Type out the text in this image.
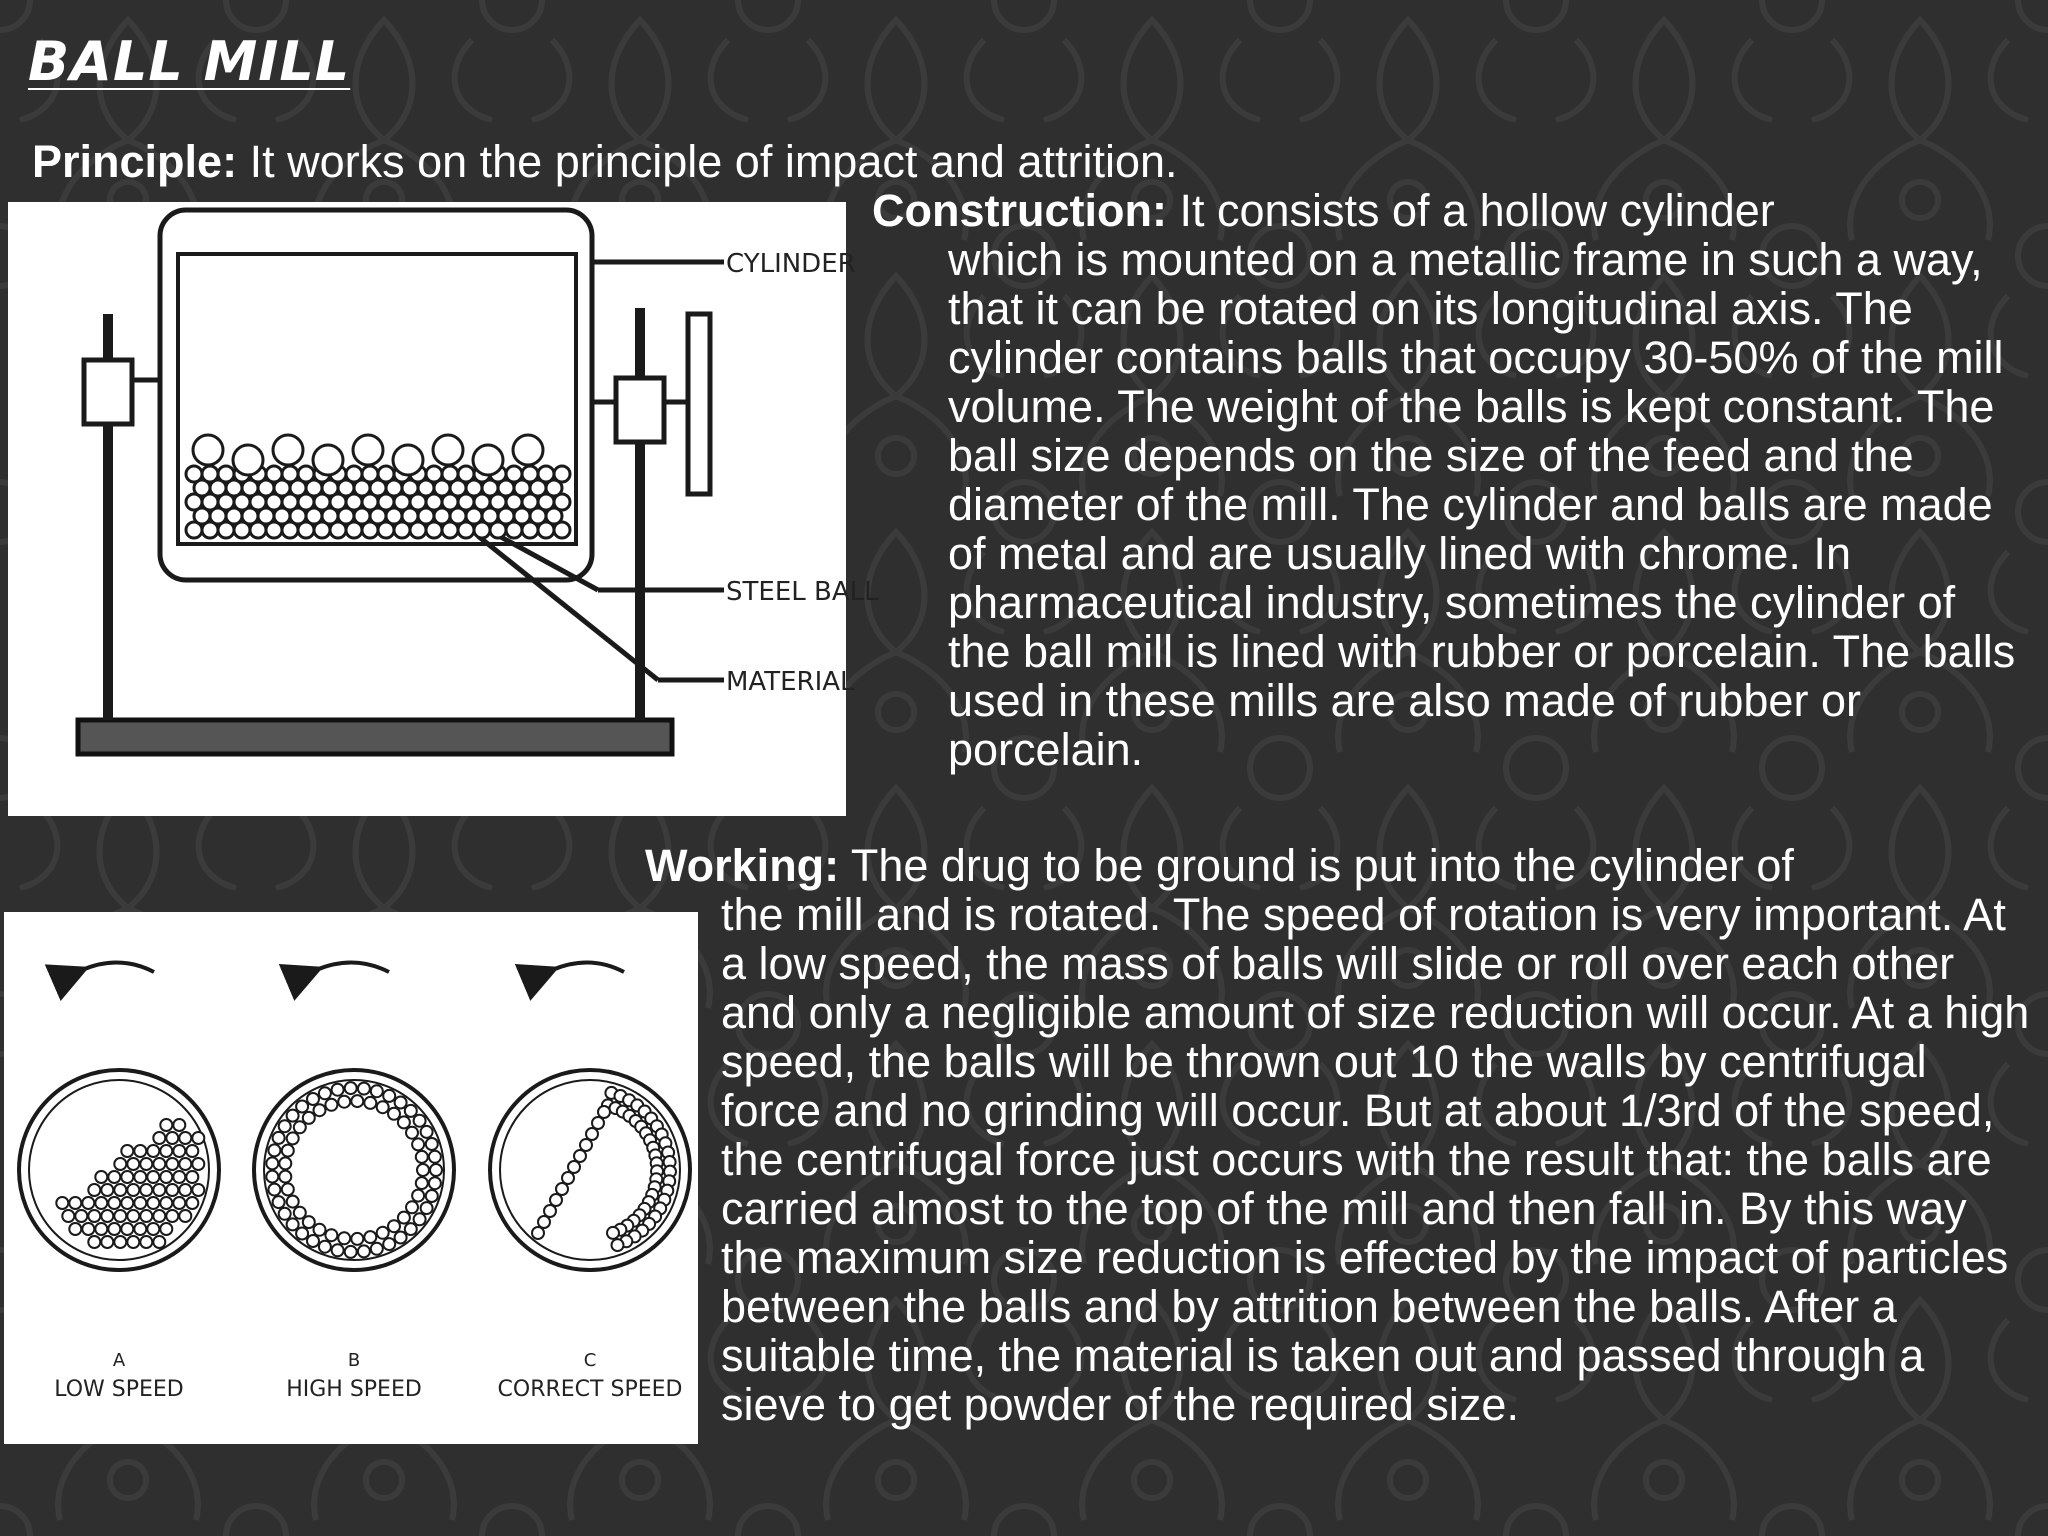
BALL MILL

Principle: It works on the principle of impact and attrition.

Construction: It consists of a hollow cylinder
which is mounted on a metallic frame in such a way, that it can be rotated on its longitudinal axis. The cylinder contains balls that occupy 30-50% of the mill volume. The weight of the balls is kept constant. The ball size depends on the size of the feed and the diameter of the mill. The cylinder and balls are made of metal and are usually lined with chrome. In pharmaceutical industry, sometimes the cylinder of the ball mill is lined with rubber or porcelain. The balls used in these mills are also made of rubber or porcelain.

Working: The drug to be ground is put into the cylinder of
the mill and is rotated. The speed of rotation is very important. At a low speed, the mass of balls will slide or roll over each other and only a negligible amount of size reduction will occur. At a high speed, the balls will be thrown out 10 the walls by centrifugal force and no grinding will occur. But at about 1/3rd of the speed, the centrifugal force just occurs with the result that: the balls are carried almost to the top of the mill and then fall in. By this way the maximum size reduction is effected by the impact of particles between the balls and by attrition between the balls. After a suitable time, the material is taken out and passed through a sieve to get powder of the required size.

CYLINDER
STEEL BALL
MATERIAL
A
LOW SPEED
B
HIGH SPEED
C
CORRECT SPEED
